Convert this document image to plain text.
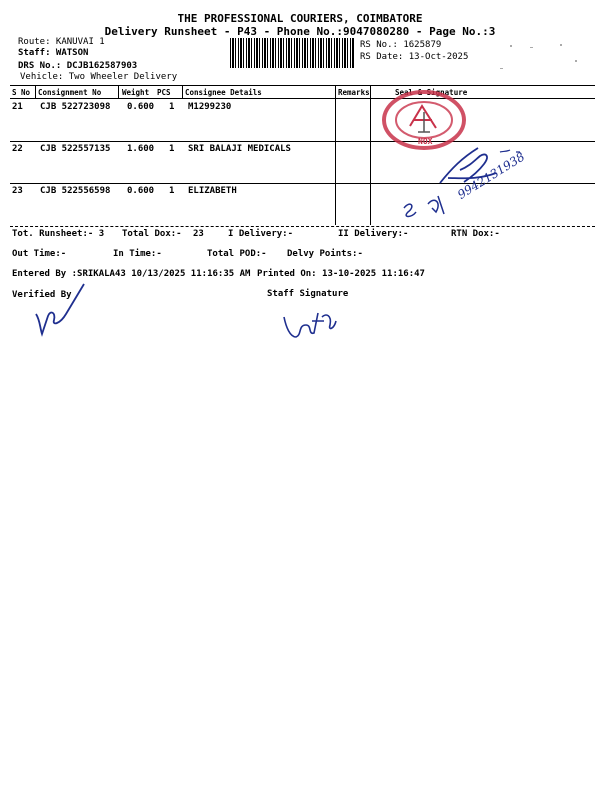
THE PROFESSIONAL COURIERS, COIMBATORE
Delivery Runsheet - P43 - Phone No.:9047080280 - Page No.:3
Route: KANUVAI 1
Staff: WATSON
DRS No.: DCJB162587903
Vehicle: Two Wheeler Delivery
RS No.: 1625879
RS Date: 13-Oct-2025
S No Consignment No	Weight PCS Consignee Details	Remarks	Seal & Signature
21 CJB 522723098 0.600 1 M1299230
22 CJB 522557135 1.600 1 SRI BALAJI MEDICALS
23 CJB 522556598 0.600 1 ELIZABETH
NOX
9942131938
Tot. Runsheet:- 3 Total Dox:- 23	I Delivery:-	II Delivery:-	RTN Dox:-
Out Time:-	In Time:-	Total POD:- Delvy Points:-
Entered By :SRIKALA43 10/13/2025 11:16:35 AM Printed On: 13-10-2025 11:16:47
Verified By	Staff Signature
